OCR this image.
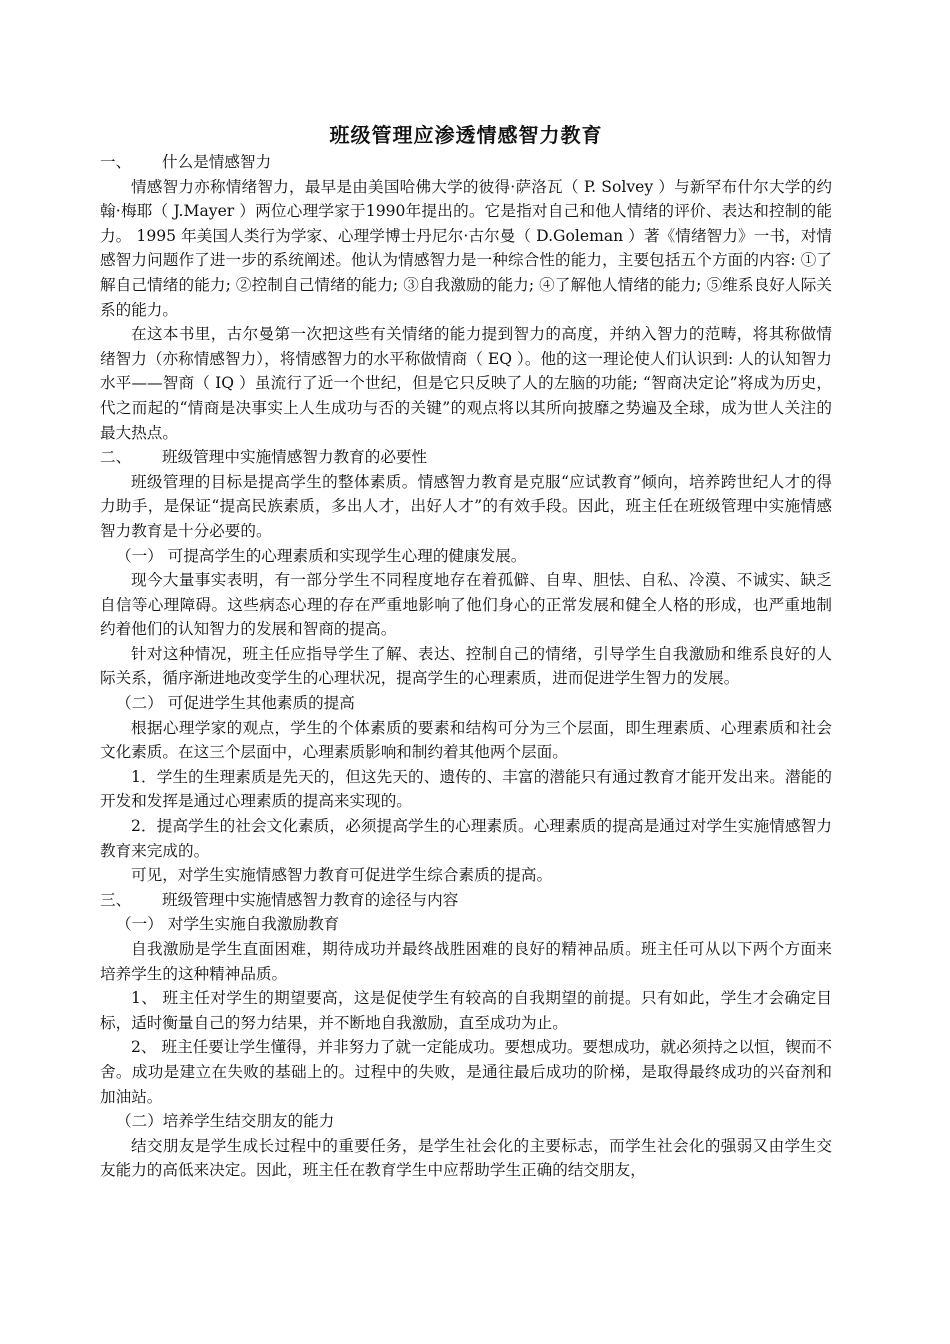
班级管理应渗透情感智力教育
一、 什么是情感智力

情感智力亦称情绪智力，最早是由美国哈佛大学的彼得·萨洛瓦（ P. Solvey ）与新罕布什尔大学的约翰·梅耶（ J.Mayer ）两位心理学家于1990年提出的。它是指对自己和他人情绪的评价、表达和控制的能力。 1995 年美国人类行为学家、心理学博士丹尼尔·古尔曼（ D.Goleman ）著《情绪智力》一书，对情感智力问题作了进一步的系统阐述。他认为情感智力是一种综合性的能力，主要包括五个方面的内容: ①了解自己情绪的能力; ②控制自己情绪的能力; ③自我激励的能力; ④了解他人情绪的能力; ⑤维系良好人际关系的能力。

在这本书里，古尔曼第一次把这些有关情绪的能力提到智力的高度，并纳入智力的范畴，将其称做情绪智力（亦称情感智力），将情感智力的水平称做情商（ EQ ）。他的这一理论使人们认识到: 人的认知智力水平——智商（ IQ ）虽流行了近一个世纪，但是它只反映了人的左脑的功能; “智商决定论”将成为历史，代之而起的“情商是决事实上人生成功与否的关键”的观点将以其所向披靡之势遍及全球，成为世人关注的最大热点。

二、 班级管理中实施情感智力教育的必要性

班级管理的目标是提高学生的整体素质。情感智力教育是克服“应试教育”倾向，培养跨世纪人才的得力助手，是保证“提高民族素质，多出人才，出好人才”的有效手段。因此，班主任在班级管理中实施情感智力教育是十分必要的。

（一） 可提高学生的心理素质和实现学生心理的健康发展。

现今大量事实表明，有一部分学生不同程度地存在着孤僻、自卑、胆怯、自私、冷漠、不诚实、缺乏自信等心理障碍。这些病态心理的存在严重地影响了他们身心的正常发展和健全人格的形成，也严重地制约着他们的认知智力的发展和智商的提高。

针对这种情况，班主任应指导学生了解、表达、控制自己的情绪，引导学生自我激励和维系良好的人际关系，循序渐进地改变学生的心理状况，提高学生的心理素质，进而促进学生智力的发展。

（二） 可促进学生其他素质的提高

根据心理学家的观点，学生的个体素质的要素和结构可分为三个层面，即生理素质、心理素质和社会文化素质。在这三个层面中，心理素质影响和制约着其他两个层面。

1．学生的生理素质是先天的，但这先天的、遗传的、丰富的潜能只有通过教育才能开发出来。潜能的开发和发挥是通过心理素质的提高来实现的。

2．提高学生的社会文化素质，必须提高学生的心理素质。心理素质的提高是通过对学生实施情感智力教育来完成的。

可见，对学生实施情感智力教育可促进学生综合素质的提高。

三、 班级管理中实施情感智力教育的途径与内容
（一） 对学生实施自我激励教育

自我激励是学生直面困难，期待成功并最终战胜困难的良好的精神品质。班主任可从以下两个方面来培养学生的这种精神品质。

1、 班主任对学生的期望要高，这是促使学生有较高的自我期望的前提。只有如此，学生才会确定目标，适时衡量自己的努力结果，并不断地自我激励，直至成功为止。

2、 班主任要让学生懂得，并非努力了就一定能成功。要想成功。要想成功，就必须持之以恒，锲而不舍。成功是建立在失败的基础上的。过程中的失败，是通往最后成功的阶梯，是取得最终成功的兴奋剂和加油站。

（二）培养学生结交朋友的能力

结交朋友是学生成长过程中的重要任务，是学生社会化的主要标志，而学生社会化的强弱又由学生交友能力的高低来决定。因此，班主任在教育学生中应帮助学生正确的结交朋友，
